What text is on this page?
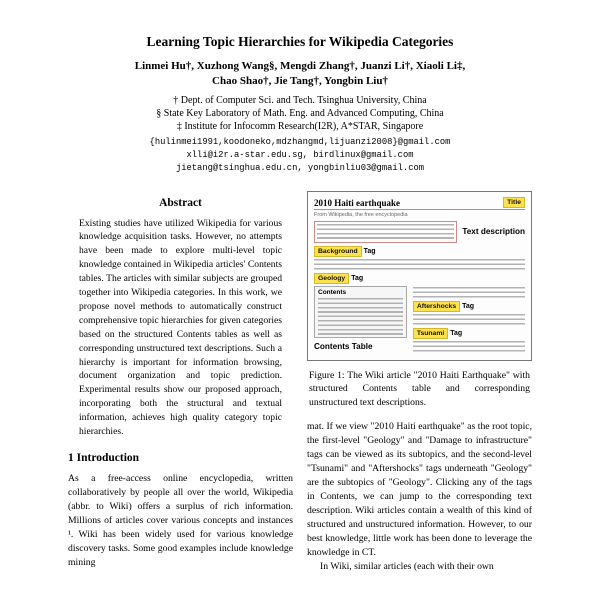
Learning Topic Hierarchies for Wikipedia Categories
Linmei Hu†, Xuzhong Wang§, Mengdi Zhang†, Juanzi Li†, Xiaoli Li‡,
Chao Shao†, Jie Tang†, Yongbin Liu†
† Dept. of Computer Sci. and Tech. Tsinghua University, China
§ State Key Laboratory of Math. Eng. and Advanced Computing, China
‡ Institute for Infocomm Research(I2R), A*STAR, Singapore
{hulinmei1991,koodoneko,mdzhangmd,lijuanzi2008}@gmail.com
xlli@i2r.a-star.edu.sg, birdlinux@gmail.com
jietang@tsinghua.edu.cn, yongbinliu03@gmail.com
Abstract
Existing studies have utilized Wikipedia for various knowledge acquisition tasks. However, no attempts have been made to explore multi-level topic knowledge contained in Wikipedia articles' Contents tables. The articles with similar subjects are grouped together into Wikipedia categories. In this work, we propose novel methods to automatically construct comprehensive topic hierarchies for given categories based on the structured Contents tables as well as corresponding unstructured text descriptions. Such a hierarchy is important for information browsing, document organization and topic prediction. Experimental results show our proposed approach, incorporating both the structural and textual information, achieves high quality category topic hierarchies.
1 Introduction
As a free-access online encyclopedia, written collaboratively by people all over the world, Wikipedia (abbr. to Wiki) offers a surplus of rich information. Millions of articles cover various concepts and instances ¹. Wiki has been widely used for various knowledge discovery tasks. Some good examples include knowledge mining
2010 Haiti earthquake	Title
From Wikipedia, the free encyclopedia
Text description
Background Tag
Geology Tag
Contents
Contents Table
Aftershocks Tag
Tsunami Tag
Figure 1: The Wiki article "2010 Haiti Earthquake" with structured Contents table and corresponding unstructured text descriptions.
mat. If we view "2010 Haiti earthquake" as the root topic, the first-level "Geology" and "Damage to infrastructure" tags can be viewed as its subtopics, and the second-level "Tsunami" and "Aftershocks" tags underneath "Geology" are the subtopics of "Geology". Clicking any of the tags in Contents, we can jump to the corresponding text description. Wiki articles contain a wealth of this kind of structured and unstructured information. However, to our best knowledge, little work has been done to leverage the knowledge in CT.
In Wiki, similar articles (each with their own
